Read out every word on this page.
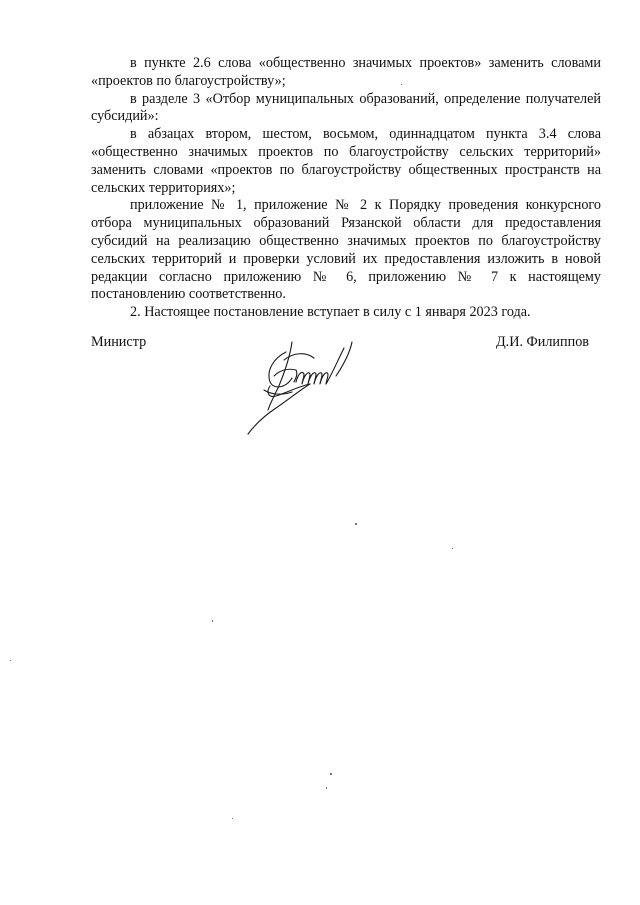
в пункте 2.6 слова «общественно значимых проектов» заменить словами «проектов по благоустройству»;

в разделе 3 «Отбор муниципальных образований, определение получателей субсидий»:

в абзацах втором, шестом, восьмом, одиннадцатом пункта 3.4 слова «общественно значимых проектов по благоустройству сельских территорий» заменить словами «проектов по благоустройству общественных пространств на сельских территориях»;

приложение № 1, приложение № 2 к Порядку проведения конкурсного отбора муниципальных образований Рязанской области для предоставления субсидий на реализацию общественно значимых проектов по благоустройству сельских территорий и проверки условий их предоставления изложить в новой редакции согласно приложению № 6, приложению № 7 к настоящему постановлению соответственно.

2. Настоящее постановление вступает в силу с 1 января 2023 года.

Министр	Д.И. Филиппов
